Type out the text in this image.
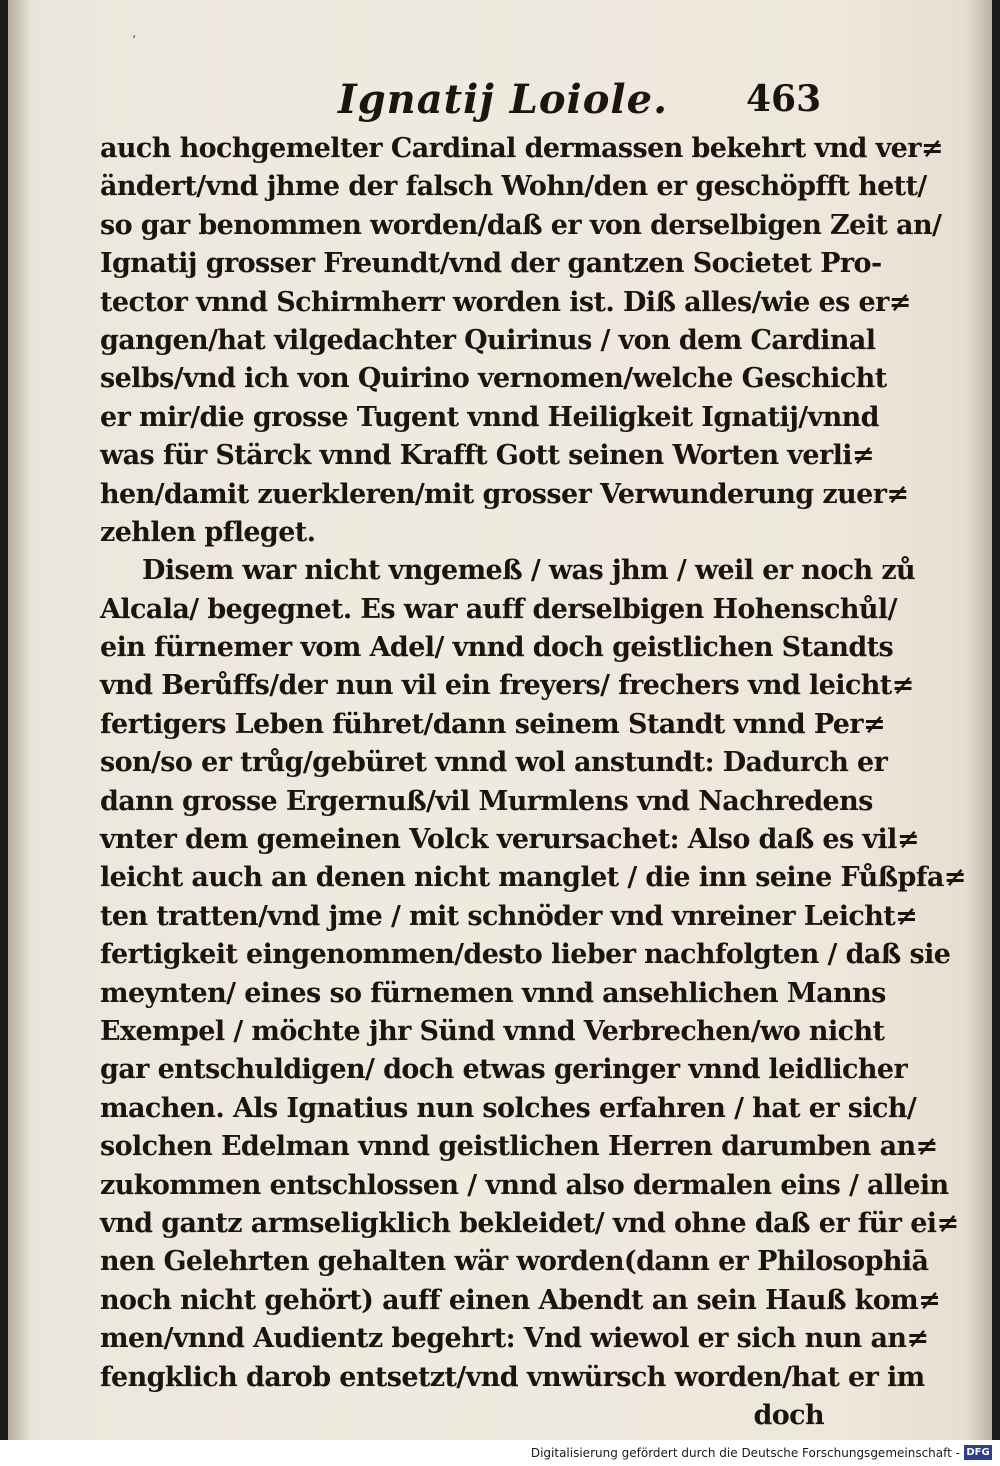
ʻ
Ignatij Loiole. 463
auch hochgemelter Cardinal dermassen bekehrt vnd ver≠
ändert/vnd jhme der falsch Wohn/den er geschöpfft hett/
so gar benommen worden/daß er von derselbigen Zeit an/
Ignatij grosser Freundt/vnd der gantzen Societet Pro-
tector vnnd Schirmherr worden ist. Diß alles/wie es er≠
gangen/hat vilgedachter Quirinus / von dem Cardinal
selbs/vnd ich von Quirino vernomen/welche Geschicht
er mir/die grosse Tugent vnnd Heiligkeit Ignatij/vnnd
was für Stärck vnnd Krafft Gott seinen Worten verli≠
hen/damit zuerkleren/mit grosser Verwunderung zuer≠
zehlen pfleget.
Disem war nicht vngemeß / was jhm / weil er noch zů
Alcala/ begegnet. Es war auff derselbigen Hohenschůl/
ein fürnemer vom Adel/ vnnd doch geistlichen Standts
vnd Berůffs/der nun vil ein freyers/ frechers vnd leicht≠
fertigers Leben führet/dann seinem Standt vnnd Per≠
son/so er trůg/gebüret vnnd wol anstundt: Dadurch er
dann grosse Ergernuß/vil Murmlens vnd Nachredens
vnter dem gemeinen Volck verursachet: Also daß es vil≠
leicht auch an denen nicht manglet / die inn seine Fůßpfa≠
ten tratten/vnd jme / mit schnöder vnd vnreiner Leicht≠
fertigkeit eingenommen/desto lieber nachfolgten / daß sie
meynten/ eines so fürnemen vnnd ansehlichen Manns
Exempel / möchte jhr Sünd vnnd Verbrechen/wo nicht
gar entschuldigen/ doch etwas geringer vnnd leidlicher
machen. Als Ignatius nun solches erfahren / hat er sich/
solchen Edelman vnnd geistlichen Herren darumben an≠
zukommen entschlossen / vnnd also dermalen eins / allein
vnd gantz armseligklich bekleidet/ vnd ohne daß er für ei≠
nen Gelehrten gehalten wär worden(dann er Philosophiā
noch nicht gehört) auff einen Abendt an sein Hauß kom≠
men/vnnd Audientz begehrt: Vnd wiewol er sich nun an≠
fengklich darob entsetzt/vnd vnwürsch worden/hat er im
doch
Digitalisierung gefördert durch die Deutsche Forschungsgemeinschaft - DFG
